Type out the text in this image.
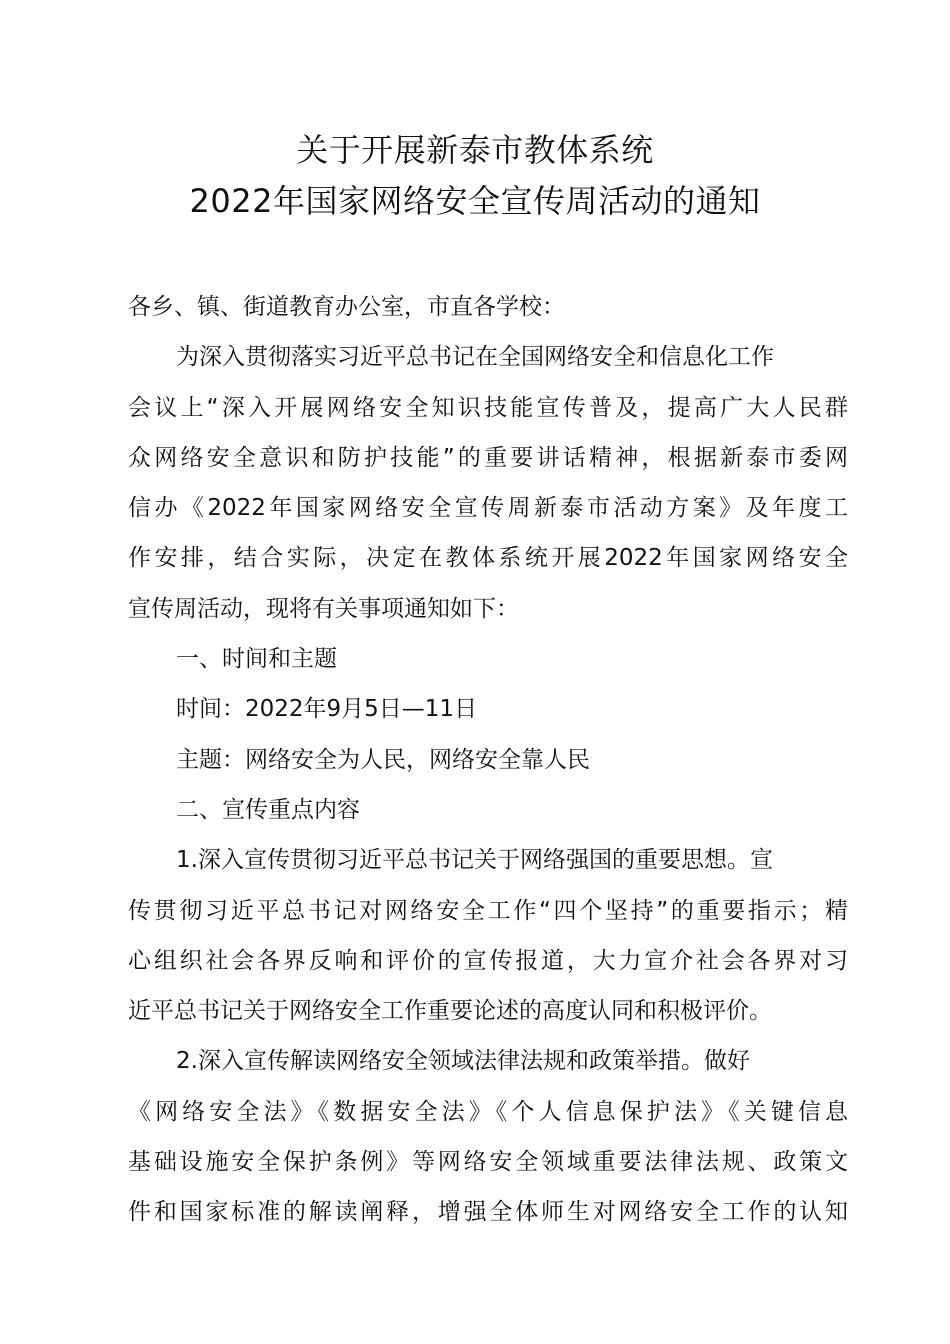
关于开展新泰市教体系统
2022年国家网络安全宣传周活动的通知
各乡、镇、街道教育办公室，市直各学校：
为深入贯彻落实习近平总书记在全国网络安全和信息化工作
会议上“深入开展网络安全知识技能宣传普及，提高广大人民群
众网络安全意识和防护技能”的重要讲话精神，根据新泰市委网
信办《2022年国家网络安全宣传周新泰市活动方案》及年度工
作安排，结合实际，决定在教体系统开展2022年国家网络安全
宣传周活动，现将有关事项通知如下：
一、时间和主题
时间：2022年9月5日—11日
主题：网络安全为人民，网络安全靠人民
二、宣传重点内容
1.深入宣传贯彻习近平总书记关于网络强国的重要思想。宣
传贯彻习近平总书记对网络安全工作“四个坚持”的重要指示；精
心组织社会各界反响和评价的宣传报道，大力宣介社会各界对习
近平总书记关于网络安全工作重要论述的高度认同和积极评价。
2.深入宣传解读网络安全领域法律法规和政策举措。做好
《网络安全法》《数据安全法》《个人信息保护法》《关键信息
基础设施安全保护条例》等网络安全领域重要法律法规、政策文
件和国家标准的解读阐释，增强全体师生对网络安全工作的认知
